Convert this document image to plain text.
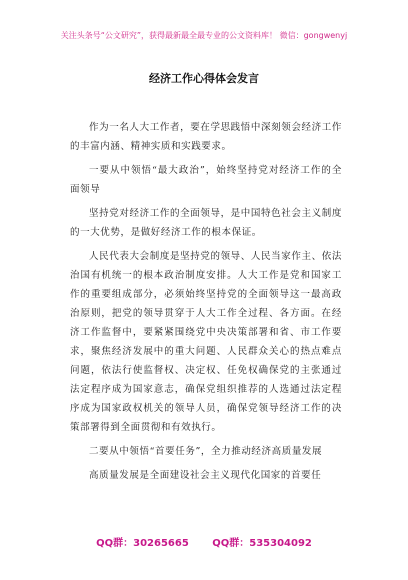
关注头条号“公文研究”，获得最新最全最专业的公文资料库！ 微信：gongwenyj
经济工作心得体会发言

作为一名人大工作者，要在学思践悟中深刻领会经济工作的丰富内涵、精神实质和实践要求。

一要从中领悟“最大政治”，始终坚持党对经济工作的全面领导

坚持党对经济工作的全面领导，是中国特色社会主义制度的一大优势，是做好经济工作的根本保证。

人民代表大会制度是坚持党的领导、人民当家作主、依法治国有机统一的根本政治制度安排。人大工作是党和国家工作的重要组成部分，必须始终坚持党的全面领导这一最高政治原则，把党的领导贯穿于人大工作全过程、各方面。在经济工作监督中，要紧紧围绕党中央决策部署和省、市工作要求，聚焦经济发展中的重大问题、人民群众关心的热点难点问题，依法行使监督权、决定权、任免权确保党的主张通过法定程序成为国家意志，确保党组织推荐的人选通过法定程序成为国家政权机关的领导人员，确保党领导经济工作的决策部署得到全面贯彻和有效执行。

二要从中领悟“首要任务”，全力推动经济高质量发展

高质量发展是全面建设社会主义现代化国家的首要任

QQ群：30265665 QQ群：535304092
